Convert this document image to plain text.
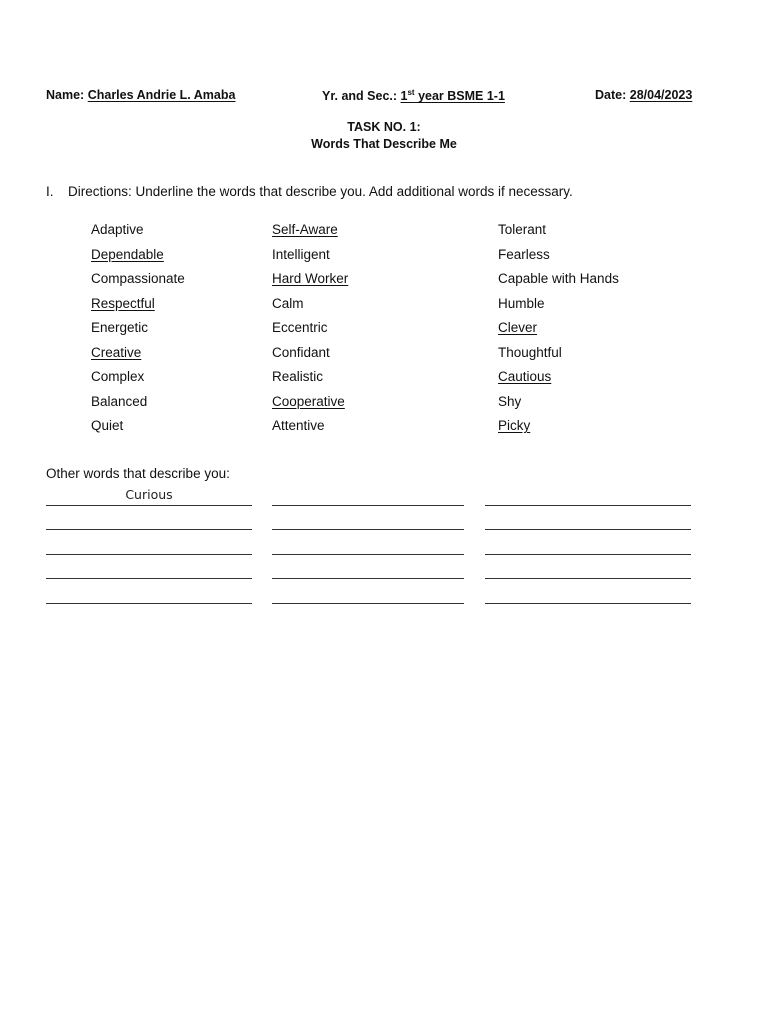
Name: Charles Andrie L. Amaba	Yr. and Sec.: 1st year BSME 1-1	Date: 28/04/2023
TASK NO. 1:
Words That Describe Me
I. Directions: Underline the words that describe you. Add additional words if necessary.
Adaptive
Dependable
Compassionate
Respectful
Energetic
Creative
Complex
Balanced
Quiet
Self-Aware
Intelligent
Hard Worker
Calm
Eccentric
Confidant
Realistic
Cooperative
Attentive
Tolerant
Fearless
Capable with Hands
Humble
Clever
Thoughtful
Cautious
Shy
Picky
Other words that describe you:
Curious
